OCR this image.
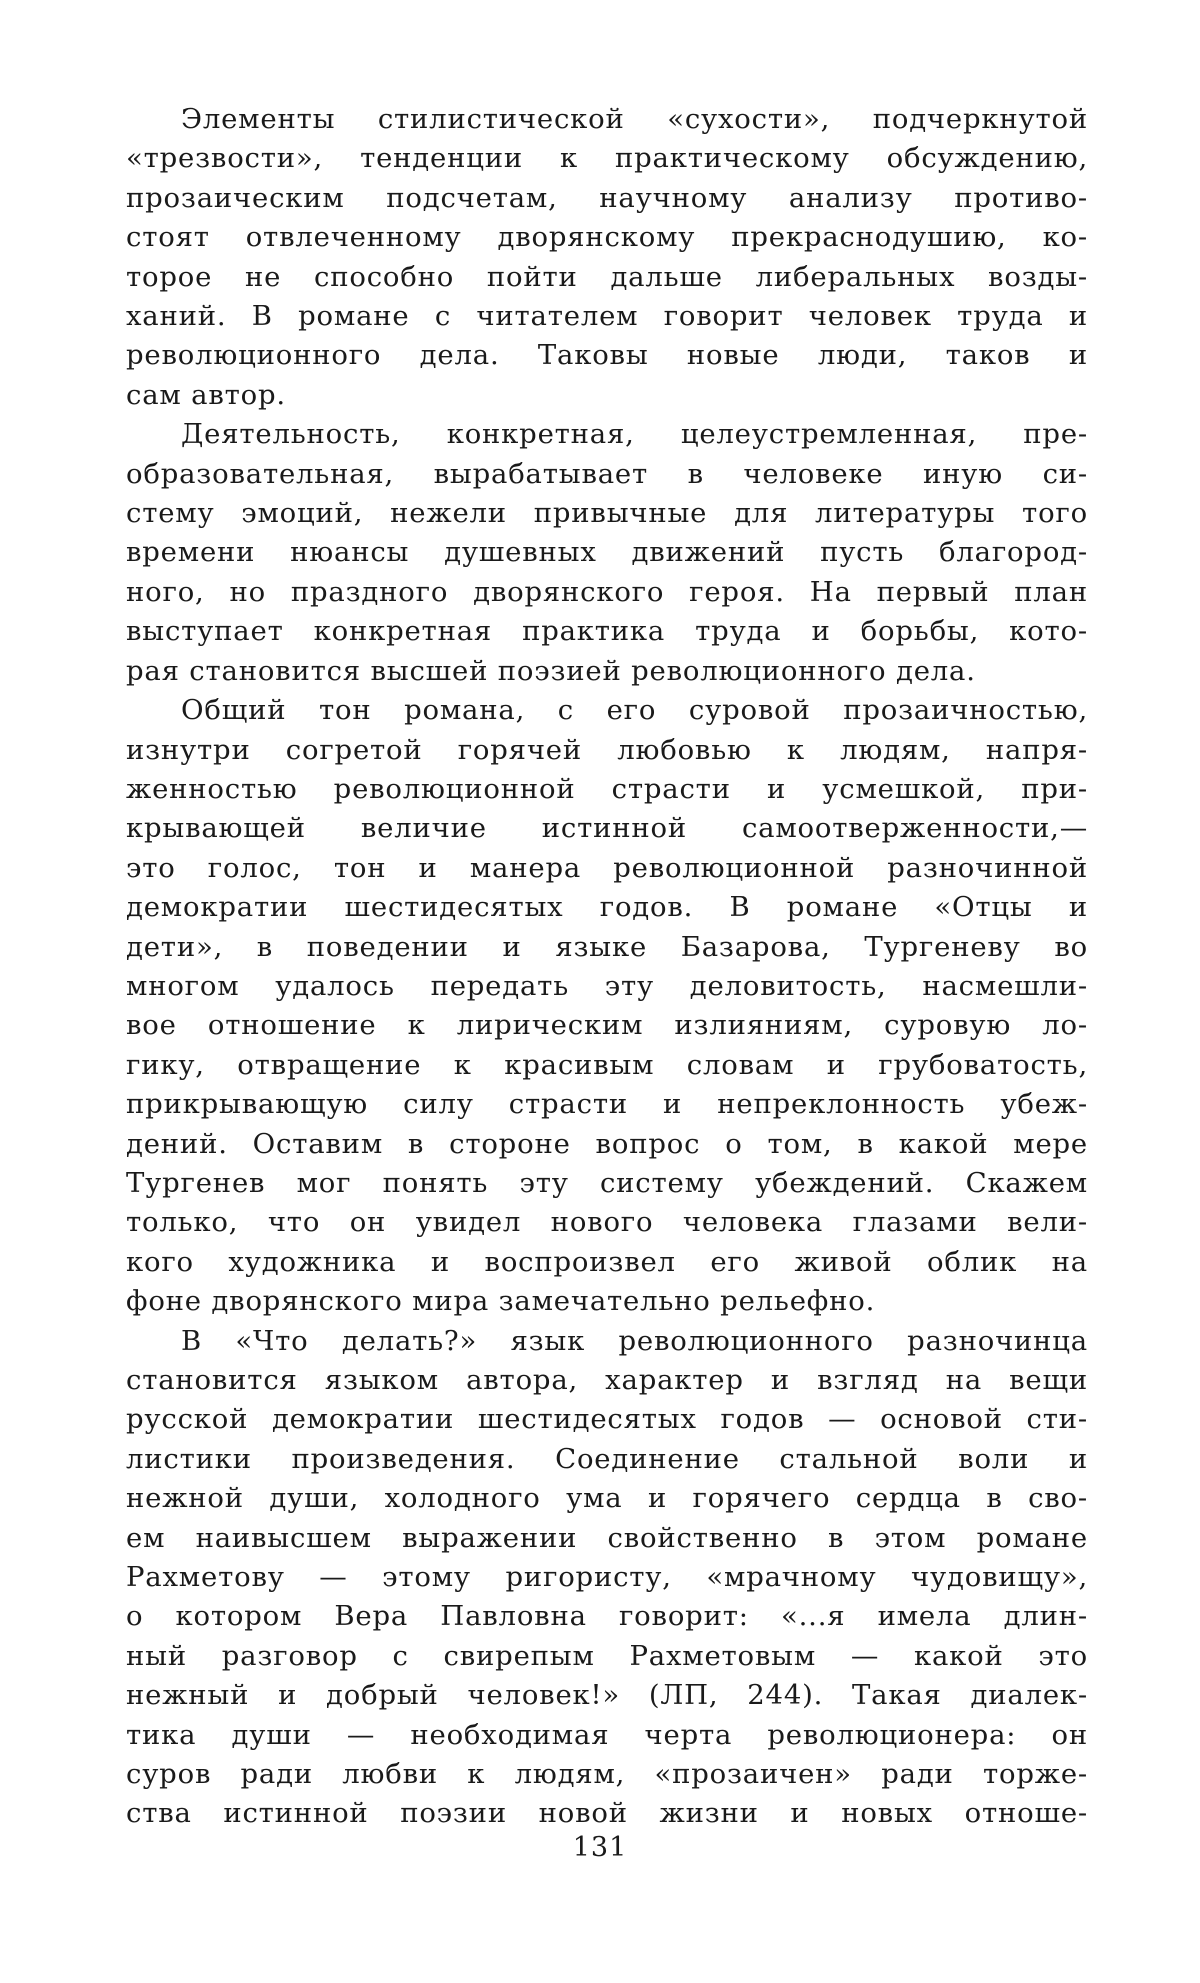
Элементы стилистической «сухости», подчеркнутой
«трезвости», тенденции к практическому обсуждению,
прозаическим подсчетам, научному анализу противо-
стоят отвлеченному дворянскому прекраснодушию, ко-
торое не способно пойти дальше либеральных возды-
ханий. В романе с читателем говорит человек труда и
революционного дела. Таковы новые люди, таков и
сам автор.
Деятельность, конкретная, целеустремленная, пре-
образовательная, вырабатывает в человеке иную си-
стему эмоций, нежели привычные для литературы того
времени нюансы душевных движений пусть благород-
ного, но праздного дворянского героя. На первый план
выступает конкретная практика труда и борьбы, кото-
рая становится высшей поэзией революционного дела.
Общий тон романа, с его суровой прозаичностью,
изнутри согретой горячей любовью к людям, напря-
женностью революционной страсти и усмешкой, при-
крывающей величие истинной самоотверженности,—
это голос, тон и манера революционной разночинной
демократии шестидесятых годов. В романе «Отцы и
дети», в поведении и языке Базарова, Тургеневу во
многом удалось передать эту деловитость, насмешли-
вое отношение к лирическим излияниям, суровую ло-
гику, отвращение к красивым словам и грубоватость,
прикрывающую силу страсти и непреклонность убеж-
дений. Оставим в стороне вопрос о том, в какой мере
Тургенев мог понять эту систему убеждений. Скажем
только, что он увидел нового человека глазами вели-
кого художника и воспроизвел его живой облик на
фоне дворянского мира замечательно рельефно.
В «Что делать?» язык революционного разночинца
становится языком автора, характер и взгляд на вещи
русской демократии шестидесятых годов — основой сти-
листики произведения. Соединение стальной воли и
нежной души, холодного ума и горячего сердца в сво-
ем наивысшем выражении свойственно в этом романе
Рахметову — этому ригористу, «мрачному чудовищу»,
о котором Вера Павловна говорит: «...я имела длин-
ный разговор с свирепым Рахметовым — какой это
нежный и добрый человек!» (ЛП, 244). Такая диалек-
тика души — необходимая черта революционера: он
суров ради любви к людям, «прозаичен» ради торже-
ства истинной поэзии новой жизни и новых отноше-
131
